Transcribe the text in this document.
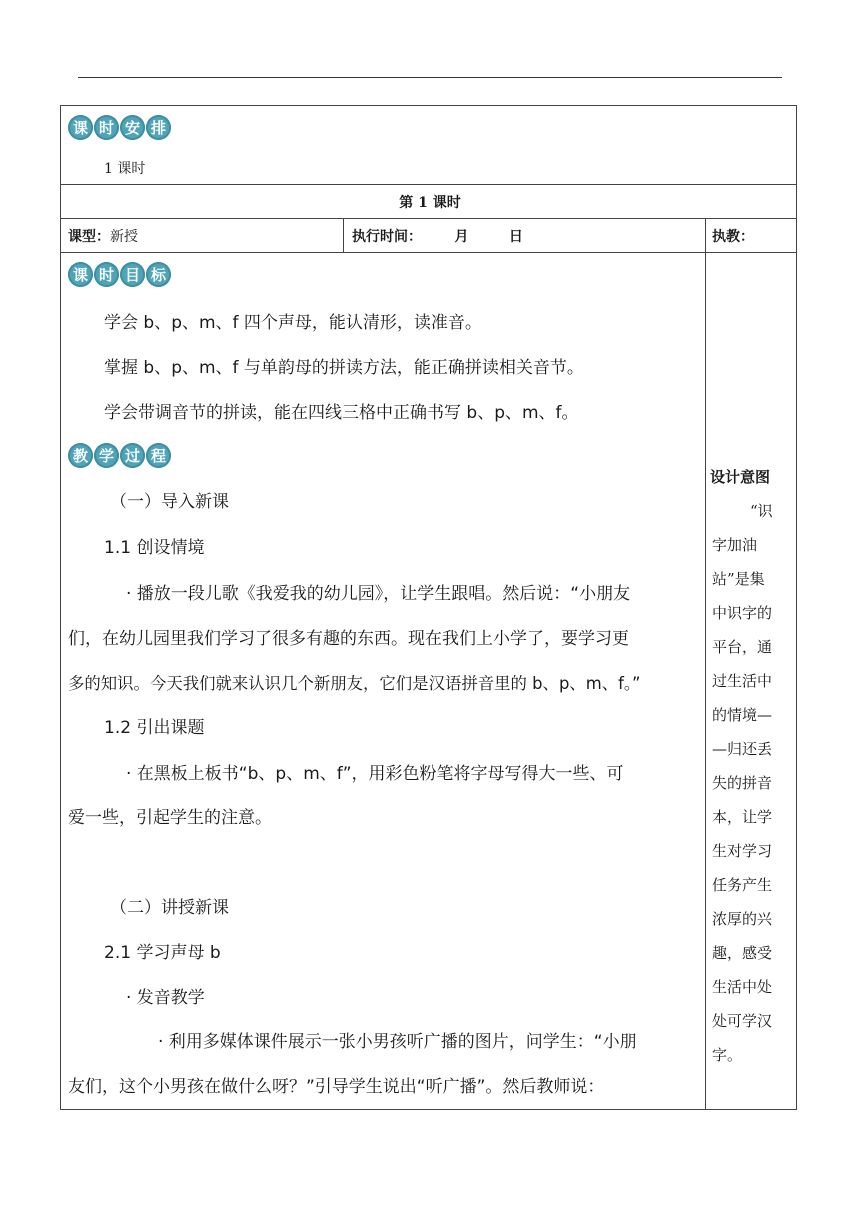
课 时 安 排
1 课时
第 1 课时
课型：新授	执行时间： 月	日	执教：
课 时 目 标
学会 b、p、m、f 四个声母，能认清形，读准音。
掌握 b、p、m、f 与单韵母的拼读方法，能正确拼读相关音节。
学会带调音节的拼读，能在四线三格中正确书写 b、p、m、f。
教 学 过 程
（一）导入新课
1.1 创设情境
· 播放一段儿歌《我爱我的幼儿园》，让学生跟唱。然后说：“小朋友
们，在幼儿园里我们学习了很多有趣的东西。现在我们上小学了，要学习更
多的知识。今天我们就来认识几个新朋友，它们是汉语拼音里的 b、p、m、f。”
1.2 引出课题
· 在黑板上板书“b、p、m、f”，用彩色粉笔将字母写得大一些、可
爱一些，引起学生的注意。
（二）讲授新课
2.1 学习声母 b
· 发音教学
· 利用多媒体课件展示一张小男孩听广播的图片，问学生：“小朋
友们，这个小男孩在做什么呀？”引导学生说出“听广播”。然后教师说：
设计意图
“识
字加油
站”是集
中识字的
平台，通
过生活中
的情境—
—归还丢
失的拼音
本，让学
生对学习
任务产生
浓厚的兴
趣，感受
生活中处
处可学汉
字。
